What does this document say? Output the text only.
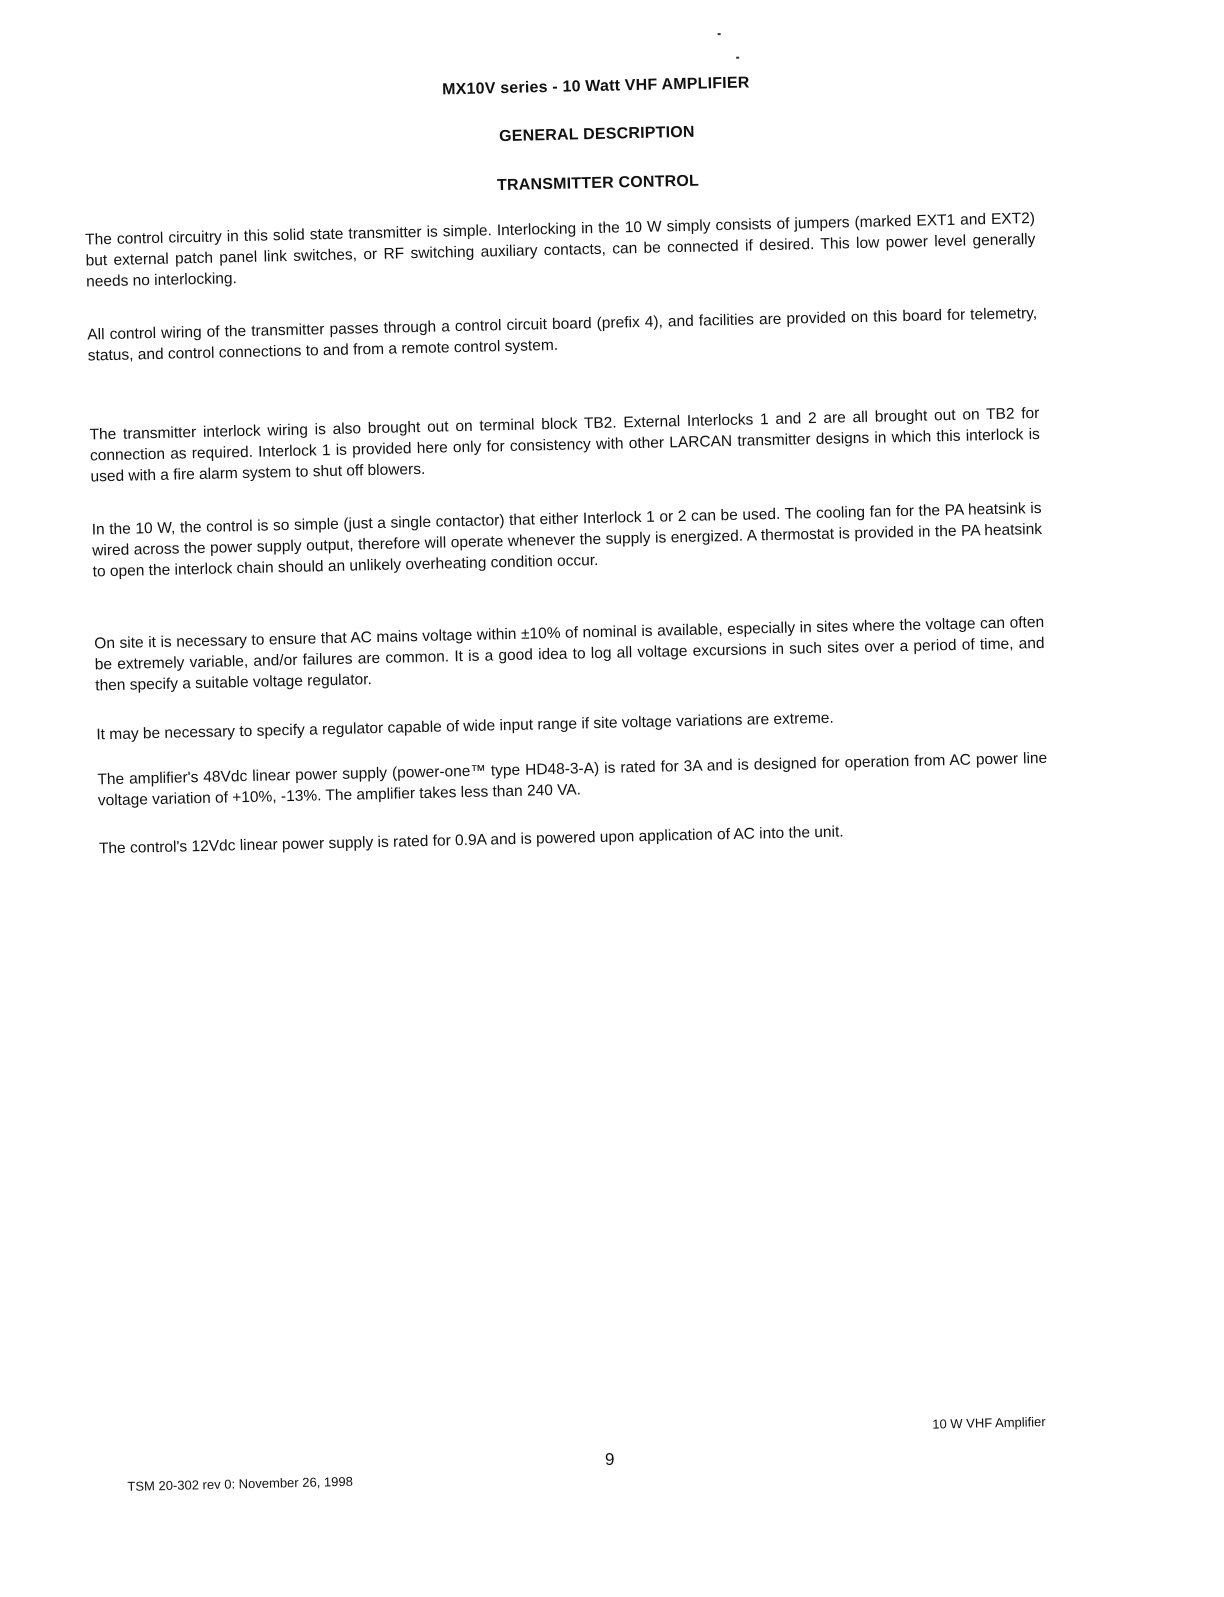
MX10V series - 10 Watt VHF AMPLIFIER
GENERAL DESCRIPTION
TRANSMITTER CONTROL

The control circuitry in this solid state transmitter is simple. Interlocking in the 10 W simply consists of jumpers (marked EXT1 and EXT2) but external patch panel link switches, or RF switching auxiliary contacts, can be connected if desired. This low power level generally needs no interlocking.

All control wiring of the transmitter passes through a control circuit board (prefix 4), and facilities are provided on this board for telemetry, status, and control connections to and from a remote control system.

The transmitter interlock wiring is also brought out on terminal block TB2. External Interlocks 1 and 2 are all brought out on TB2 for connection as required. Interlock 1 is provided here only for consistency with other LARCAN transmitter designs in which this interlock is used with a fire alarm system to shut off blowers.

In the 10 W, the control is so simple (just a single contactor) that either Interlock 1 or 2 can be used. The cooling fan for the PA heatsink is wired across the power supply output, therefore will operate whenever the supply is energized. A thermostat is provided in the PA heatsink to open the interlock chain should an unlikely overheating condition occur.

On site it is necessary to ensure that AC mains voltage within ±10% of nominal is available, especially in sites where the voltage can often be extremely variable, and/or failures are common. It is a good idea to log all voltage excursions in such sites over a period of time, and then specify a suitable voltage regulator.

It may be necessary to specify a regulator capable of wide input range if site voltage variations are extreme.

The amplifier's 48Vdc linear power supply (power-one™ type HD48-3-A) is rated for 3A and is designed for operation from AC power line voltage variation of +10%, -13%. The amplifier takes less than 240 VA.

The control's 12Vdc linear power supply is rated for 0.9A and is powered upon application of AC into the unit.

TSM 20-302 rev 0: November 26, 1998
9
10 W VHF Amplifier
